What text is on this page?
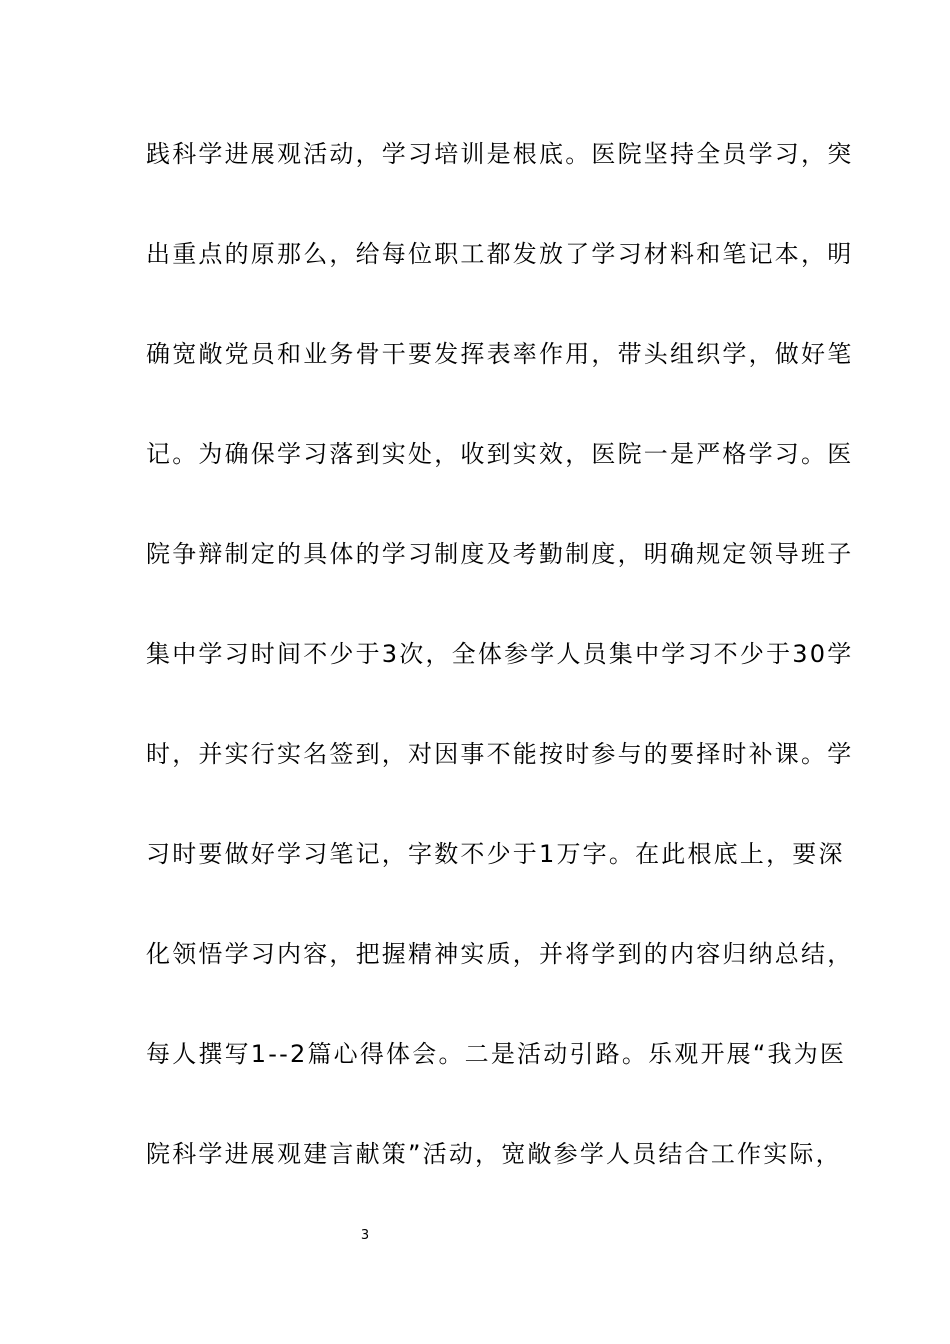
践科学进展观活动，学习培训是根底。医院坚持全员学习，突
出重点的原那么，给每位职工都发放了学习材料和笔记本，明
确宽敞党员和业务骨干要发挥表率作用，带头组织学，做好笔
记。为确保学习落到实处，收到实效，医院一是严格学习。医
院争辩制定的具体的学习制度及考勤制度，明确规定领导班子
集中学习时间不少于3次，全体参学人员集中学习不少于30学
时，并实行实名签到，对因事不能按时参与的要择时补课。学
习时要做好学习笔记，字数不少于1万字。在此根底上，要深
化领悟学习内容，把握精神实质，并将学到的内容归纳总结，
每人撰写1--2篇心得体会。二是活动引路。乐观开展“我为医
院科学进展观建言献策”活动，宽敞参学人员结合工作实际，
3
